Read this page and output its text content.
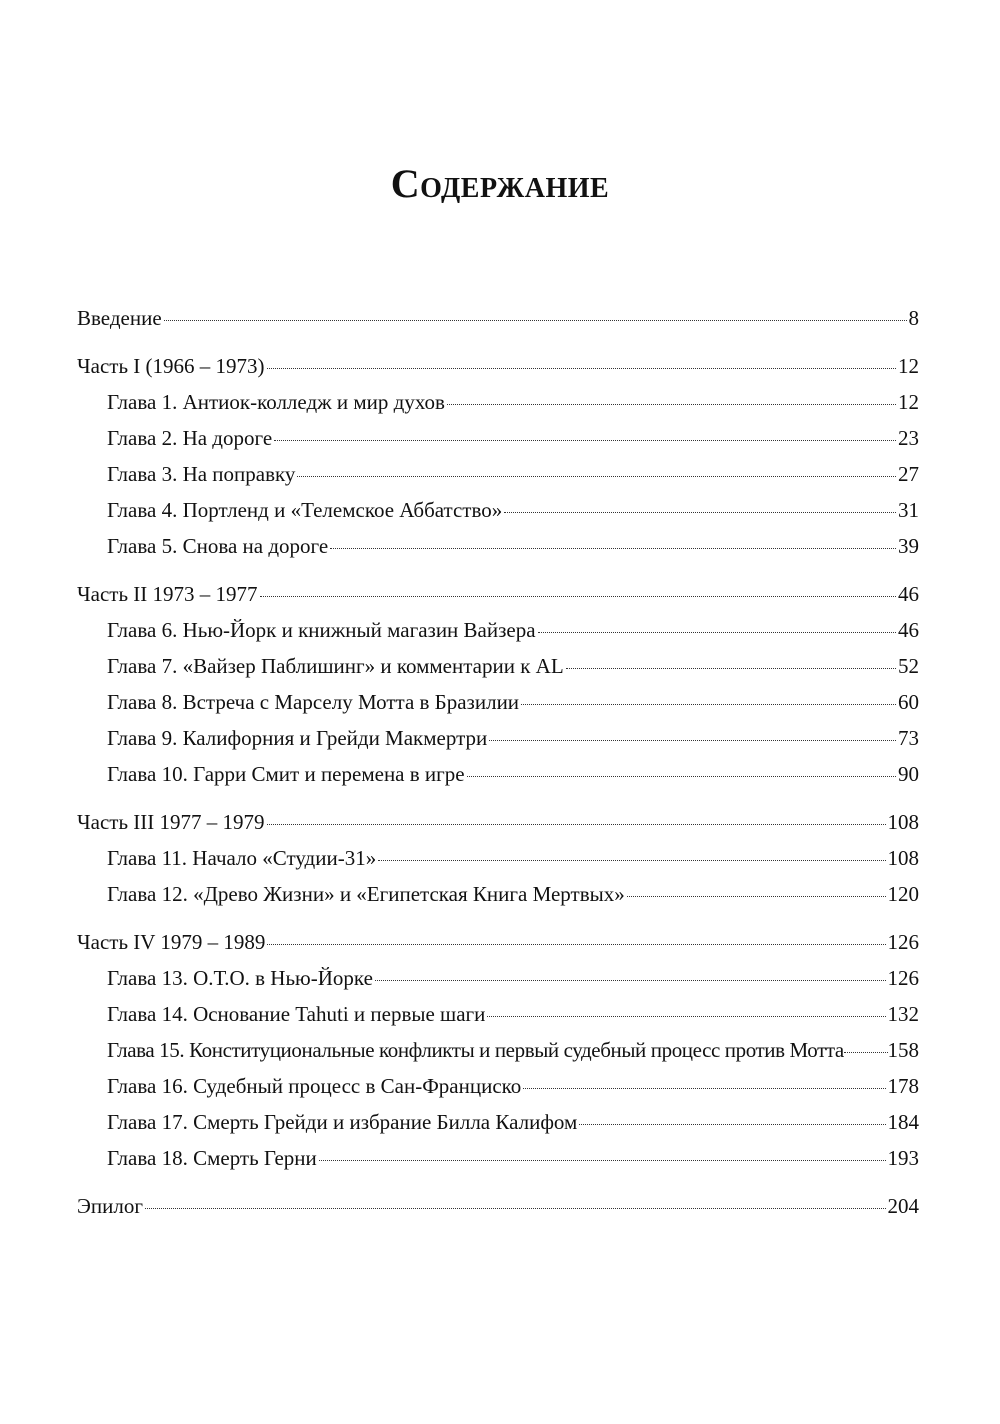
Содержание
Введение	8
Часть I (1966 – 1973)	12
Глава 1. Антиок-колледж и мир духов	12
Глава 2. На дороге	23
Глава 3. На поправку	27
Глава 4. Портленд и «Телемское Аббатство»	31
Глава 5. Снова на дороге	39
Часть II 1973 – 1977	46
Глава 6. Нью-Йорк и книжный магазин Вайзера	46
Глава 7. «Вайзер Паблишинг» и комментарии к AL	52
Глава 8. Встреча с Марселу Мотта в Бразилии	60
Глава 9. Калифорния и Грейди Макмертри	73
Глава 10. Гарри Смит и перемена в игре	90
Часть III 1977 – 1979	108
Глава 11. Начало «Студии-31»	108
Глава 12. «Древо Жизни» и «Египетская Книга Мертвых»	120
Часть IV 1979 – 1989	126
Глава 13. О.Т.О. в Нью-Йорке	126
Глава 14. Основание Tahuti и первые шаги	132
Глава 15. Конституциональные конфликты и первый судебный процесс против Мотта 158
Глава 16. Судебный процесс в Сан-Франциско	178
Глава 17. Смерть Грейди и избрание Билла Калифом	184
Глава 18. Смерть Герни	193
Эпилог	204
